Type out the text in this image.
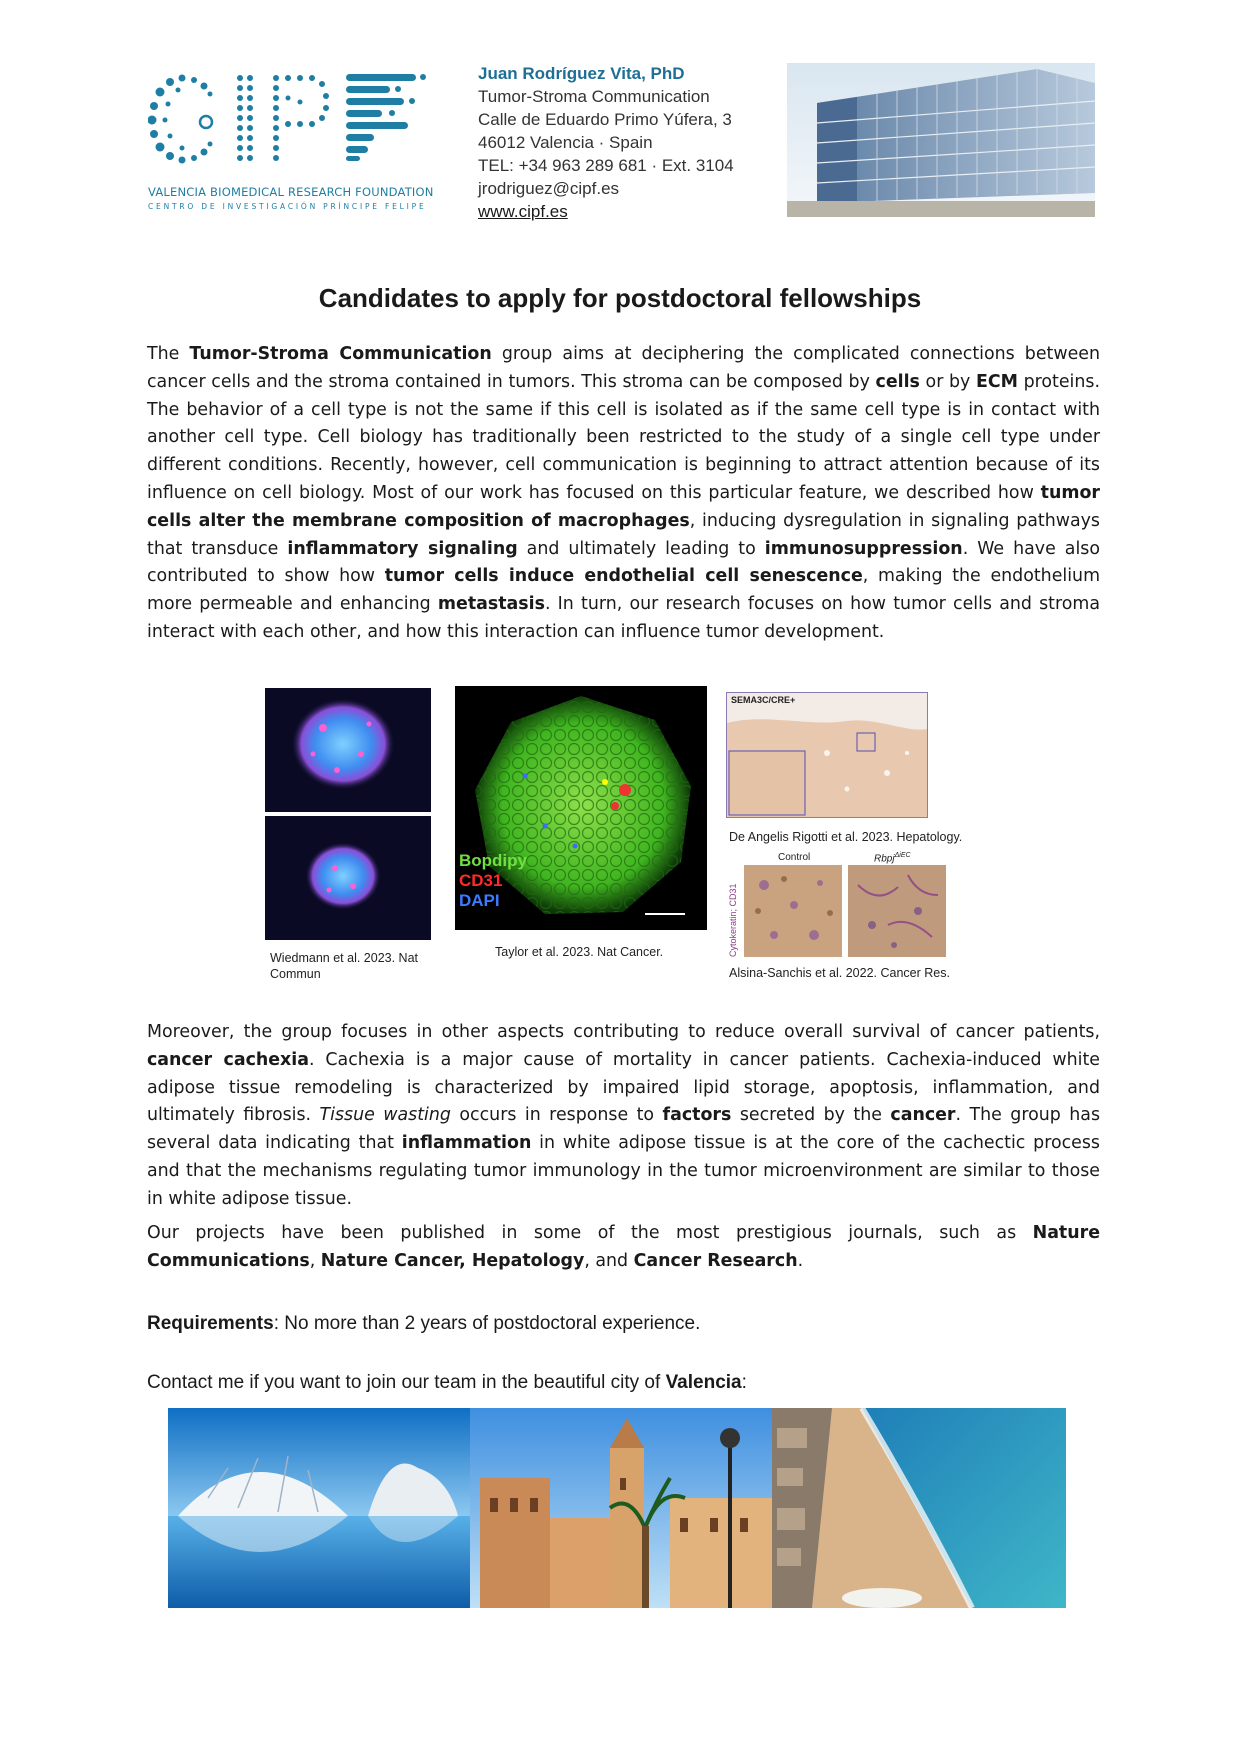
VALENCIA BIOMEDICAL RESEARCH FOUNDATION
CENTRO DE INVESTIGACIÓN PRÍNCIPE FELIPE
Juan Rodríguez Vita, PhD
Tumor-Stroma Communication
Calle de Eduardo Primo Yúfera, 3
46012 Valencia · Spain
TEL: +34 963 289 681 · Ext. 3104
jrodriguez@cipf.es
www.cipf.es
Candidates to apply for postdoctoral fellowships
The Tumor-Stroma Communication group aims at deciphering the complicated connections between cancer cells and the stroma contained in tumors. This stroma can be composed by cells or by ECM proteins. The behavior of a cell type is not the same if this cell is isolated as if the same cell type is in contact with another cell type. Cell biology has traditionally been restricted to the study of a single cell type under different conditions. Recently, however, cell communication is beginning to attract attention because of its influence on cell biology. Most of our work has focused on this particular feature, we described how tumor cells alter the membrane composition of macrophages, inducing dysregulation in signaling pathways that transduce inflammatory signaling and ultimately leading to immunosuppression. We have also contributed to show how tumor cells induce endothelial cell senescence, making the endothelium more permeable and enhancing metastasis. In turn, our research focuses on how tumor cells and stroma interact with each other, and how this interaction can influence tumor development.
Wiedmann et al. 2023. Nat Commun
Bopdipy
CD31
DAPI
Taylor et al. 2023. Nat Cancer.
SEMA3C/CRE+
De Angelis Rigotti et al. 2023. Hepatology.
Control	Rbpj$^{\Delta iEC}$
Cytokeratin; CD31
Alsina-Sanchis et al. 2022. Cancer Res.
Moreover, the group focuses in other aspects contributing to reduce overall survival of cancer patients, cancer cachexia. Cachexia is a major cause of mortality in cancer patients. Cachexia-induced white adipose tissue remodeling is characterized by impaired lipid storage, apoptosis, inflammation, and ultimately fibrosis. Tissue wasting occurs in response to factors secreted by the cancer. The group has several data indicating that inflammation in white adipose tissue is at the core of the cachectic process and that the mechanisms regulating tumor immunology in the tumor microenvironment are similar to those in white adipose tissue.
Our projects have been published in some of the most prestigious journals, such as Nature Communications, Nature Cancer, Hepatology, and Cancer Research.
Requirements: No more than 2 years of postdoctoral experience.
Contact me if you want to join our team in the beautiful city of Valencia:
